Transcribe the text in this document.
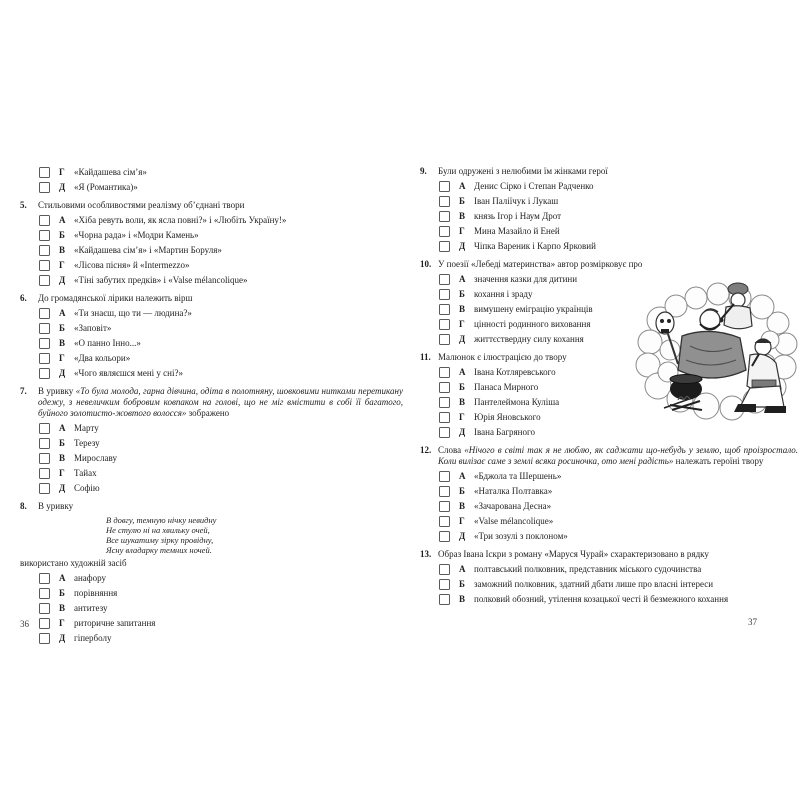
Г	«Кайдашева сім’я»
Д «Я (Романтика)»
5.	Стильовими особливостями реалізму об’єднані твори
А «Хіба ревуть воли, як ясла повні?» і «Любіть Україну!»
Б	«Чорна рада» і «Модри Камень»
В «Кайдашева сім’я» і «Мартин Боруля»
Г	«Лісова пісня» й «Intermezzo»
Д «Тіні забутих предків» і «Valse mélancolique»
6.	До громадянської лірики належить вірш
А «Ти знаєш, що ти — людина?»
Б	«Заповіт»
В «О панно Інно...»
Г	«Два кольори»
Д «Чого являєшся мені у сні?»
7.	В уривку «То була молода, гарна дівчина, одіта в полотняну, шовковими нитками перетикану одежу, з невеличким бобровим ковпаком на голові, що не міг вмістити в собі її багатого, буйного золотисто-жовтого волосся» зображено
А Марту
Б	Терезу
В Мирославу
Г	Тайах
Д Софію
8.	В уривку
В довгу, темную нічку невидну
Не стулю ні на хвильку очей,
Все шукатиму зірку провідну,
Ясну владарку темних ночей.
використано художній засіб
А анафору
Б	порівняння
В антитезу
Г	риторичне запитання
Д гіперболу
9.	Були одружені з нелюбими їм жінками герої
А Денис Сірко і Степан Радченко
Б	Іван Паліїчук і Лукаш
В князь Ігор і Наум Дрот
Г	Мина Мазайло й Еней
Д Чіпка Вареник і Карпо Ярковий
10. У поезії «Лебеді материнства» автор розмірковує про
А значення казки для дитини
Б	кохання і зраду
В вимушену еміграцію українців
Г	цінності родинного виховання
Д життєствердну силу кохання
11. Малюнок є ілюстрацією до твору
А Івана Котляревського
Б	Панаса Мирного
В Пантелеймона Куліша
Г	Юрія Яновського
Д Івана Багряного
12. Слова «Нічого в світі так я не люблю, як саджати що-небудь у землю, щоб проізростало. Коли вилізає саме з землі всяка росиночка, ото мені радість» належать героїні твору
А «Бджола та Шершень»
Б	«Наталка Полтавка»
В «Зачарована Десна»
Г	«Valse mélancolique»
Д «Три зозулі з поклоном»
13. Образ Івана Іскри з роману «Маруся Чурай» схарактеризовано в рядку
А полтавський полковник, представник міського судочинства
Б	заможний полковник, здатний дбати лише про власні інтереси
В полковий обозний, утілення козацької честі й безмежного кохання
36	37
